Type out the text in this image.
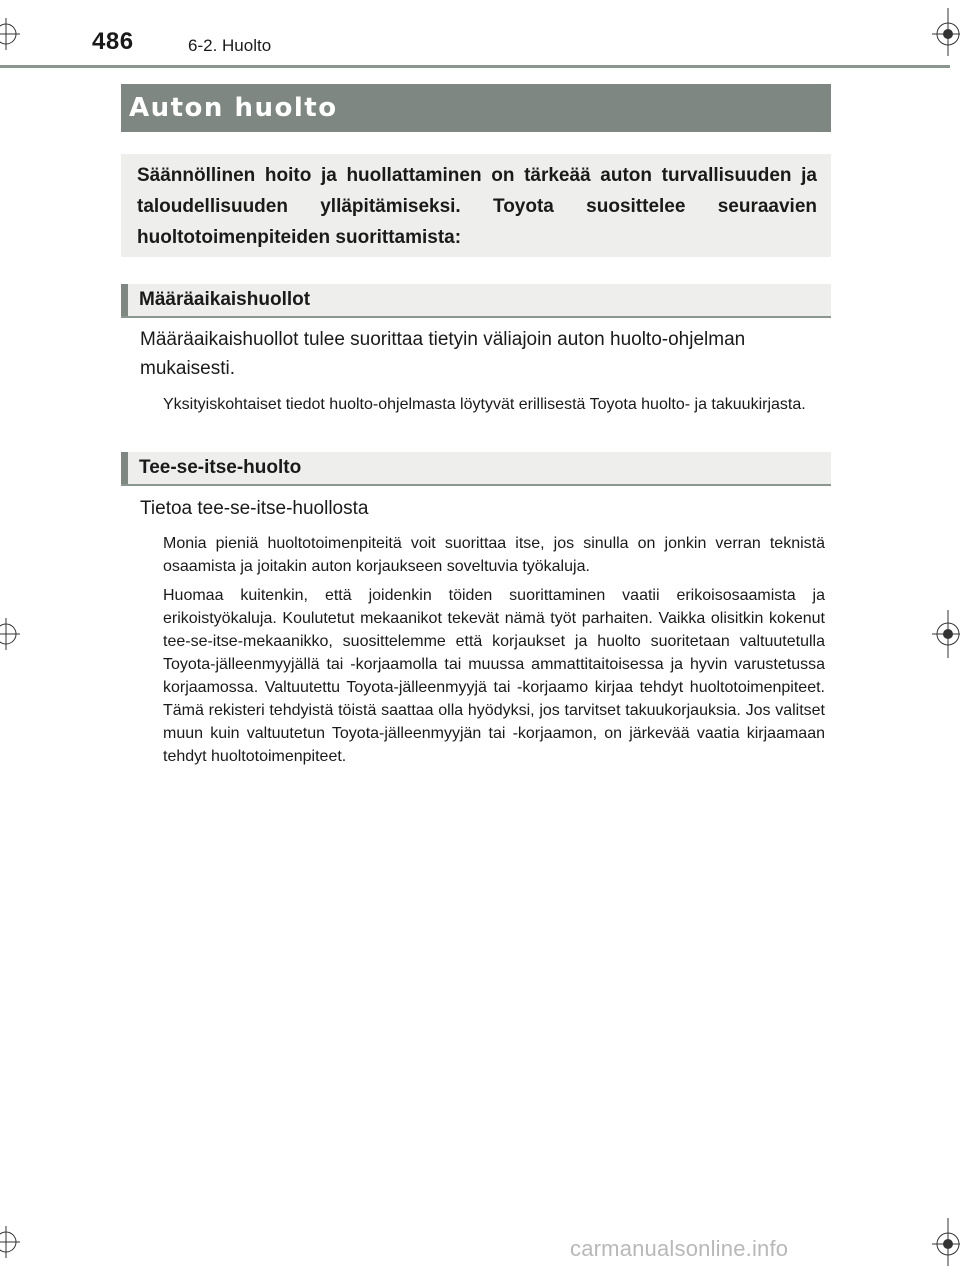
486	6-2. Huolto
Auton huolto
Säännöllinen hoito ja huollattaminen on tärkeää auton turvallisuuden ja taloudellisuuden ylläpitämiseksi. Toyota suosittelee seuraavien huoltotoimenpiteiden suorittamista:
Määräaikaishuollot
Määräaikaishuollot tulee suorittaa tietyin väliajoin auton huolto-ohjelman mukaisesti.
Yksityiskohtaiset tiedot huolto-ohjelmasta löytyvät erillisestä Toyota huolto- ja takuukirjasta.
Tee-se-itse-huolto
Tietoa tee-se-itse-huollosta
Monia pieniä huoltotoimenpiteitä voit suorittaa itse, jos sinulla on jonkin verran teknistä osaamista ja joitakin auton korjaukseen soveltuvia työkaluja.
Huomaa kuitenkin, että joidenkin töiden suorittaminen vaatii erikoisosaamista ja erikoistyökaluja. Koulutetut mekaanikot tekevät nämä työt parhaiten. Vaikka olisitkin kokenut tee-se-itse-mekaanikko, suosittelemme että korjaukset ja huolto suoritetaan valtuutetulla Toyota-jälleenmyyjällä tai -korjaamolla tai muussa ammattitaitoisessa ja hyvin varustetussa korjaamossa. Valtuutettu Toyota-jälleenmyyjä tai -korjaamo kirjaa tehdyt huoltotoimenpiteet. Tämä rekisteri tehdyistä töistä saattaa olla hyödyksi, jos tarvitset takuukorjauksia. Jos valitset muun kuin valtuutetun Toyota-jälleenmyyjän tai -korjaamon, on järkevää vaatia kirjaamaan tehdyt huoltotoimenpiteet.
carmanualsonline.info
